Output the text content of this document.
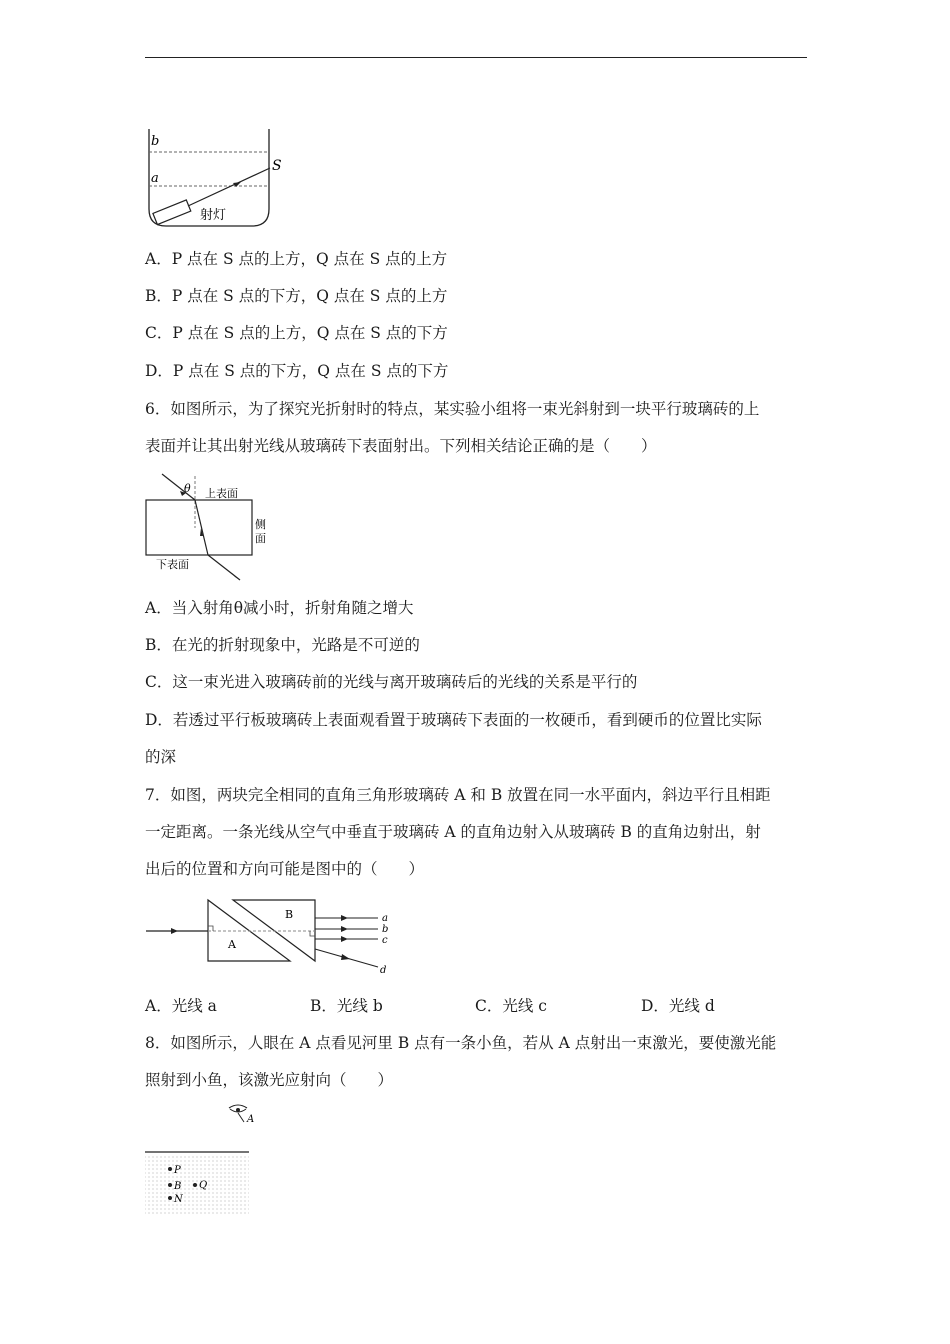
b
a
S
射灯
A．P 点在 S 点的上方，Q 点在 S 点的上方
B．P 点在 S 点的下方，Q 点在 S 点的上方
C．P 点在 S 点的上方，Q 点在 S 点的下方
D．P 点在 S 点的下方，Q 点在 S 点的下方
6．如图所示，为了探究光折射时的特点，某实验小组将一束光斜射到一块平行玻璃砖的上
表面并让其出射光线从玻璃砖下表面射出。下列相关结论正确的是（　　）
θ 上表面
侧
面
下表面
A．当入射角θ减小时，折射角随之增大
B．在光的折射现象中，光路是不可逆的
C．这一束光进入玻璃砖前的光线与离开玻璃砖后的光线的关系是平行的
D．若透过平行板玻璃砖上表面观看置于玻璃砖下表面的一枚硬币，看到硬币的位置比实际
的深
7．如图，两块完全相同的直角三角形玻璃砖 A 和 B 放置在同一水平面内，斜边平行且相距
一定距离。一条光线从空气中垂直于玻璃砖 A 的直角边射入从玻璃砖 B 的直角边射出，射
出后的位置和方向可能是图中的（　　）
A
B	a
b
c
d
A．光线 a	B．光线 b	C．光线 c	D．光线 d
8．如图所示，人眼在 A 点看见河里 B 点有一条小鱼，若从 A 点射出一束激光，要使激光能
照射到小鱼，该激光应射向（　　）
A
P
B Q
N
